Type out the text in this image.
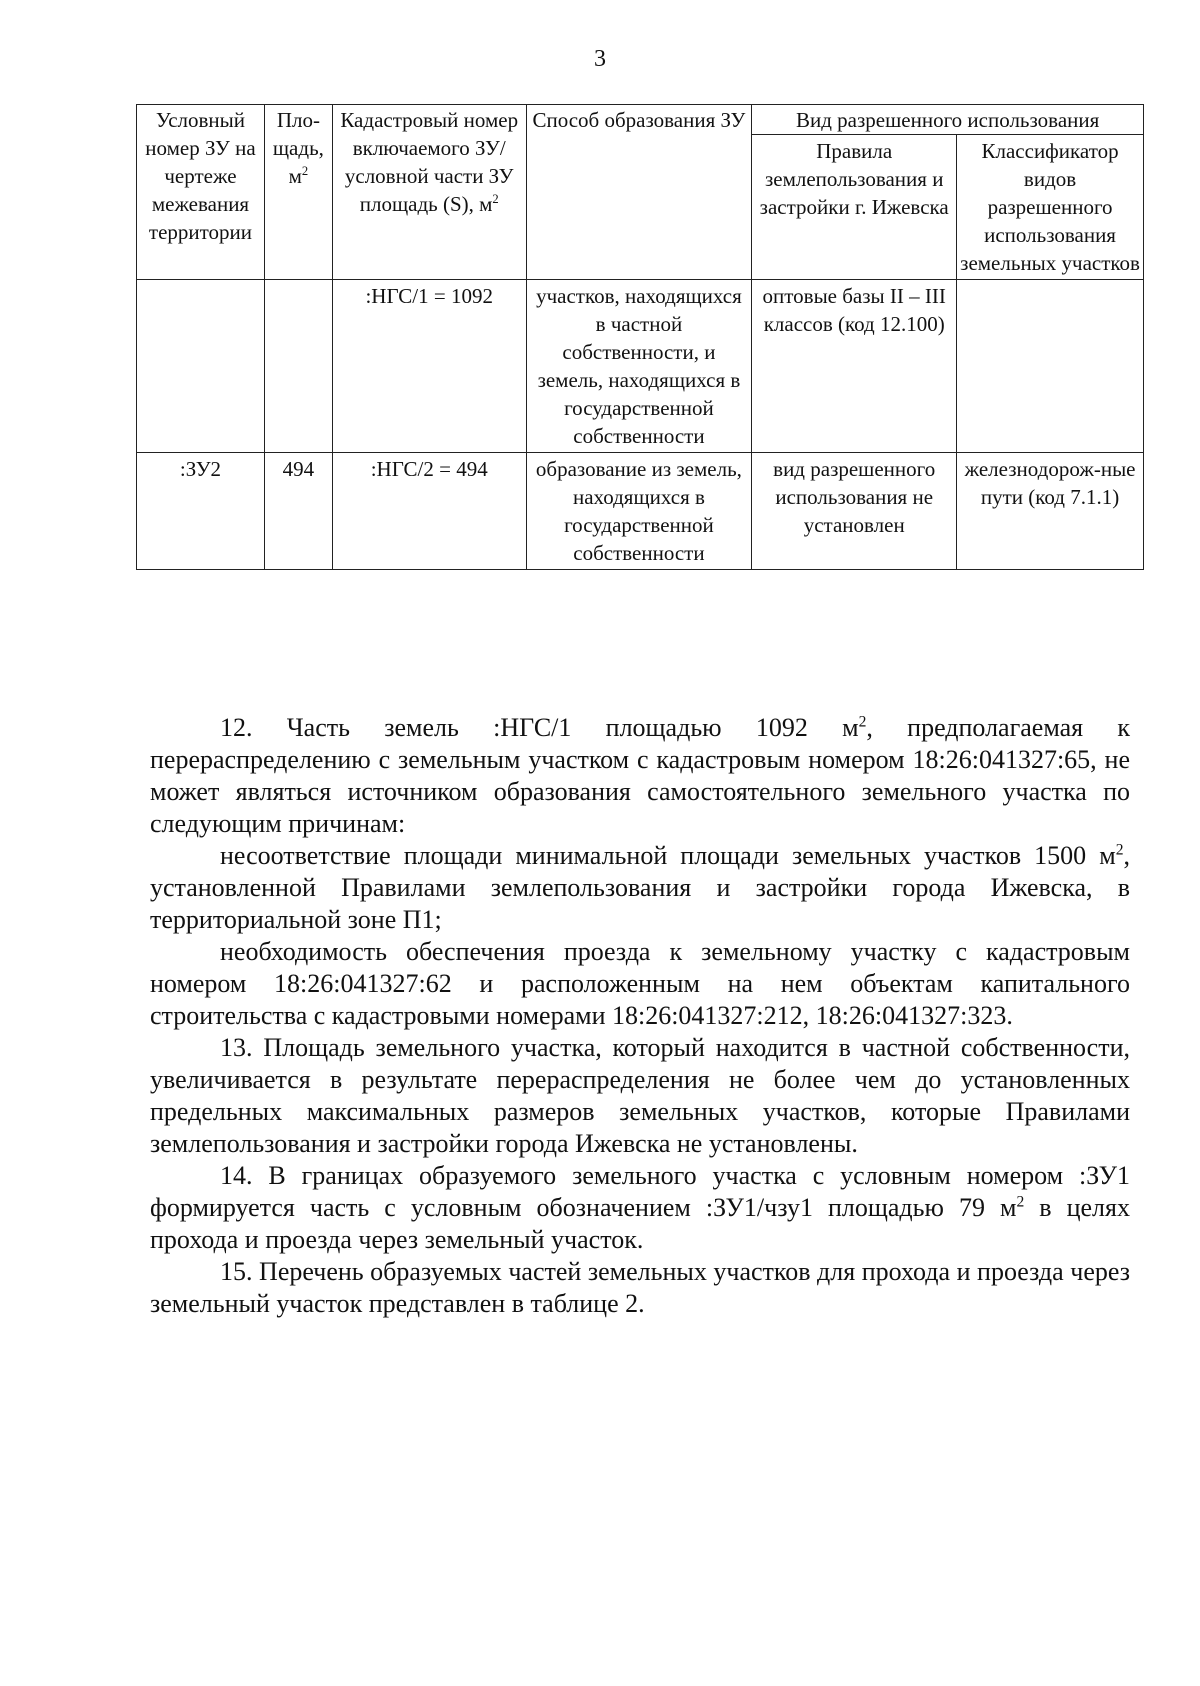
3
Условный номер ЗУ на чертеже межевания территории	Пло-щадь, $м^2$	Кадастровый номер включаемого ЗУ/условной части ЗУ площадь (S), $м^2$	Способ образования ЗУ	Вид разрешенного использования	
				Правила землепользования и застройки г. Ижевска	Классификатор видов разрешенного использования земельных участков
		:НГС/1 = 1092	участков, находящихся в частной собственности, и земель, находящихся в государственной собственности	оптовые базы II – III классов (код 12.100)	
:ЗУ2	494	:НГС/2 = 494	образование из земель, находящихся в государственной собственности	вид разрешенного использования не установлен	железнодорож-ные пути (код 7.1.1)

12. Часть земель :НГС/1 площадью 1092 $м^2$, предполагаемая к перераспределению с земельным участком с кадастровым номером 18:26:041327:65, не может являться источником образования самостоятельного земельного участка по следующим причинам:

несоответствие площади минимальной площади земельных участков 1500 $м^2$, установленной Правилами землепользования и застройки города Ижевска, в территориальной зоне П1;

необходимость обеспечения проезда к земельному участку с кадастровым номером 18:26:041327:62 и расположенным на нем объектам капитального строительства с кадастровыми номерами 18:26:041327:212, 18:26:041327:323.

13. Площадь земельного участка, который находится в частной собственности, увеличивается в результате перераспределения не более чем до установленных предельных максимальных размеров земельных участков, которые Правилами землепользования и застройки города Ижевска не установлены.

14. В границах образуемого земельного участка с условным номером :ЗУ1 формируется часть с условным обозначением :ЗУ1/чзу1 площадью 79 $м^2$ в целях прохода и проезда через земельный участок.

15. Перечень образуемых частей земельных участков для прохода и проезда через земельный участок представлен в таблице 2.
